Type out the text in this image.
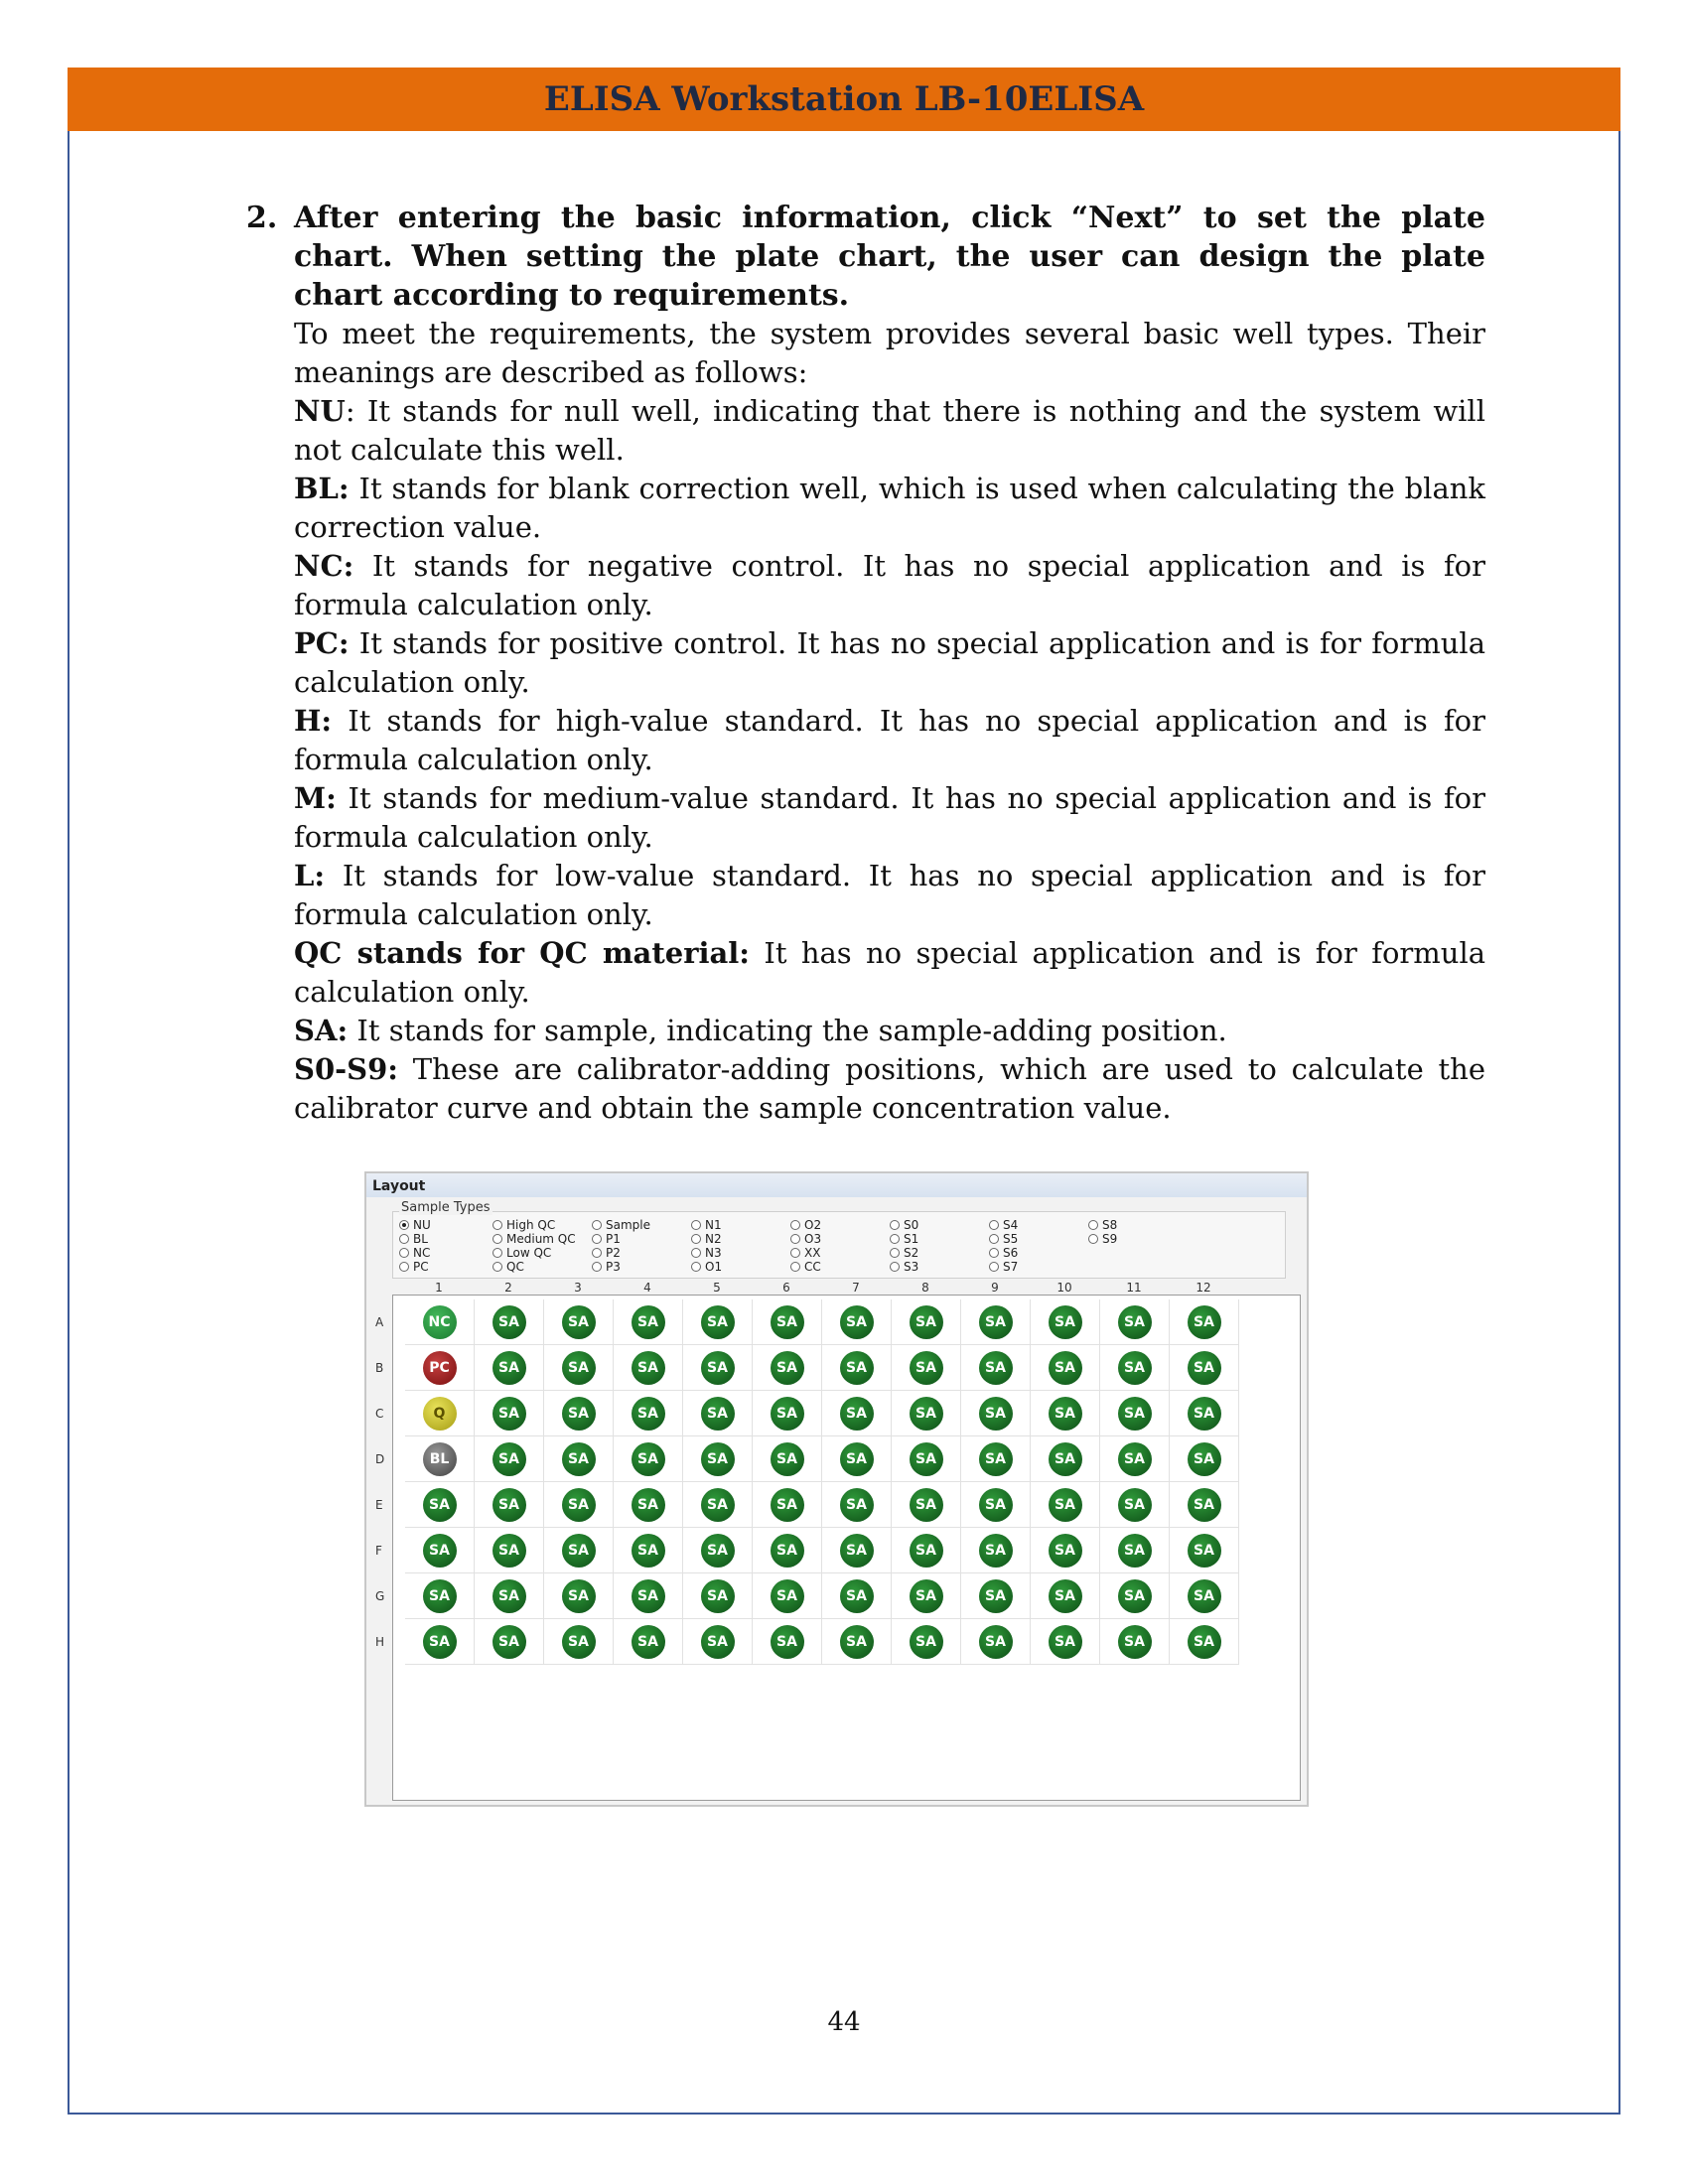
ELISA Workstation LB-10ELISA
2. After entering the basic information, click “Next” to set the plate chart. When setting the plate chart, the user can design the plate chart according to requirements.

To meet the requirements, the system provides several basic well types. Their meanings are described as follows:

NU: It stands for null well, indicating that there is nothing and the system will not calculate this well.

BL: It stands for blank correction well, which is used when calculating the blank correction value.

NC: It stands for negative control. It has no special application and is for formula calculation only.

PC: It stands for positive control. It has no special application and is for formula calculation only.

H: It stands for high-value standard. It has no special application and is for formula calculation only.

M: It stands for medium-value standard. It has no special application and is for formula calculation only.

L: It stands for low-value standard. It has no special application and is for formula calculation only.

QC stands for QC material: It has no special application and is for formula calculation only.

SA: It stands for sample, indicating the sample-adding position.

S0-S9: These are calibrator-adding positions, which are used to calculate the calibrator curve and obtain the sample concentration value.

Layout
Sample Types
NU
BL
NC
PC
High QC
Medium QC
Low QC
QC
Sample
P1
P2
P3
N1
N2
N3
O1
O2
O3
XX
CC
S0
S1
S2
S3
S4
S5
S6
S7
S8
S9
1	2	3	4	5	6	7	8	9	10	11	12
A	NC	SA	SA	SA	SA	SA	SA	SA	SA	SA	SA	SA
B	PC	SA	SA	SA	SA	SA	SA	SA	SA	SA	SA	SA
C	Q	SA	SA	SA	SA	SA	SA	SA	SA	SA	SA	SA
D	BL	SA	SA	SA	SA	SA	SA	SA	SA	SA	SA	SA
E	SA	SA	SA	SA	SA	SA	SA	SA	SA	SA	SA	SA
F	SA	SA	SA	SA	SA	SA	SA	SA	SA	SA	SA	SA
G	SA	SA	SA	SA	SA	SA	SA	SA	SA	SA	SA	SA
H	SA	SA	SA	SA	SA	SA	SA	SA	SA	SA	SA	SA
44
